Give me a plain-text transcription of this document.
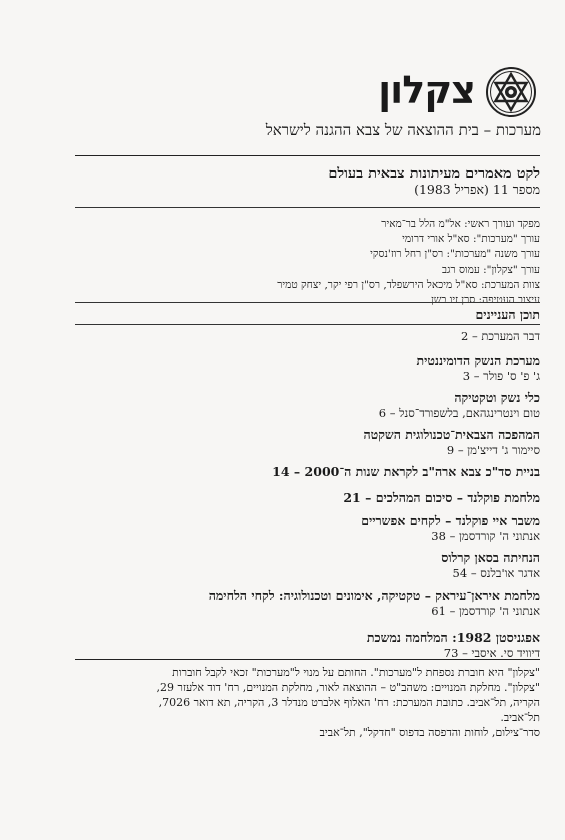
צקלון
מערכות – בית ההוצאה של צבא ההגנה לישראל
לקט מאמרים מעיתונות צבאית בעולם
מספר 11 (אפריל 1983)
מפקד ועורך ראשי: אל"מ הלל בר־מאיר
עורך "מערכות": סא"ל אורי דרומי
עורך משנה "מערכות": רס"ן רחל רוז'נסקי
עורך "צקלון": עמוס רגב
צוות המערכת: סא"ל מיכאל הירשפלד, רס"ן רפי יקר, יצחק טמיר
עיצוב העטיפה: סרן זיו בשן
תוכן העניינים
דבר המערכת – 2
מערכת הנשק הדומיננטית
ג' פ' ס' פולר – 3
כלי נשק וטקטיקה
טום וינטרינגהאם, בלשפורד־סנל – 6
המהפכה הצבאית־טכנולוגית השקטה
סיימור ג' דייצ'מן – 9
בניית סד"כ צבא ארה"ב לקראת שנות ה־2000 – 14
מלחמת פוקלנד – סיכום המהלכים – 21
משבר איי פוקלנד – לקחים אפשריים
אנתוני ה' קורדסמן – 38
הנחיתה בסאן קרלוס
אדגר או'בלנס – 54
מלחמת איראן־עיראק – טקטיקה, אימונים וטכנולוגיה: לקחי הלחימה
אנתוני ה' קורדסמן – 61
אפגניסטן 1982: המלחמה נמשכת
דיוויד סי. איסבי – 73
"צקלון" היא חוברת נספחת ל"מערכות". החותם על מנוי ל"מערכות" זכאי לקבל חוברות
"צקלון". מחלקת המנויים: משהב"ט – ההוצאה לאור, מחלקת המנויים, רח' דוד אלעזר 29,
הקריה, תל־אביב. כתובת המערכת: רח' האלוף אלברט מנדלר 3, הקריה, תא דואר 7026,
תל־אביב.
סדר־צילום, לוחות והדפסה בדפוס "חדקל", תל־אביב
